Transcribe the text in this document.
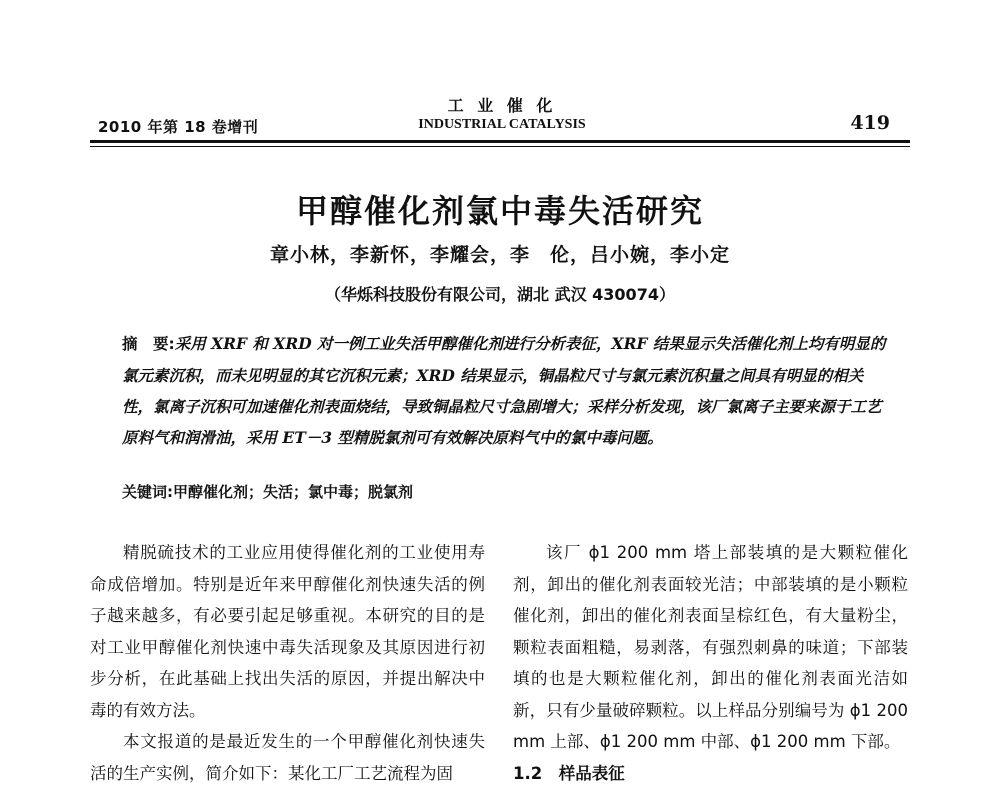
2010 年第 18 卷增刊
工 业 催 化
INDUSTRIAL CATALYSIS	419
甲醇催化剂氯中毒失活研究
章小林，李新怀，李耀会，李　伦，吕小婉，李小定
（华烁科技股份有限公司，湖北 武汉 430074）
摘　要:采用 XRF 和 XRD 对一例工业失活甲醇催化剂进行分析表征，XRF 结果显示失活催化剂上均有明显的氯元素沉积，而未见明显的其它沉积元素；XRD 结果显示，铜晶粒尺寸与氯元素沉积量之间具有明显的相关性，氯离子沉积可加速催化剂表面烧结，导致铜晶粒尺寸急剧增大；采样分析发现，该厂氯离子主要来源于工艺原料气和润滑油，采用 ET－3 型精脱氯剂可有效解决原料气中的氯中毒问题。
关键词:甲醇催化剂；失活；氯中毒；脱氯剂

精脱硫技术的工业应用使得催化剂的工业使用寿命成倍增加。特别是近年来甲醇催化剂快速失活的例子越来越多，有必要引起足够重视。本研究的目的是对工业甲醇催化剂快速中毒失活现象及其原因进行初步分析，在此基础上找出失活的原因，并提出解决中毒的有效方法。

本文报道的是最近发生的一个甲醇催化剂快速失活的生产实例，简介如下：某化工厂工艺流程为固

该厂 ϕ1 200 mm 塔上部装填的是大颗粒催化剂，卸出的催化剂表面较光洁；中部装填的是小颗粒催化剂，卸出的催化剂表面呈棕红色，有大量粉尘，颗粒表面粗糙，易剥落，有强烈刺鼻的味道；下部装填的也是大颗粒催化剂，卸出的催化剂表面光洁如新，只有少量破碎颗粒。以上样品分别编号为 ϕ1 200 mm 上部、ϕ1 200 mm 中部、ϕ1 200 mm 下部。

1.2　样品表征
